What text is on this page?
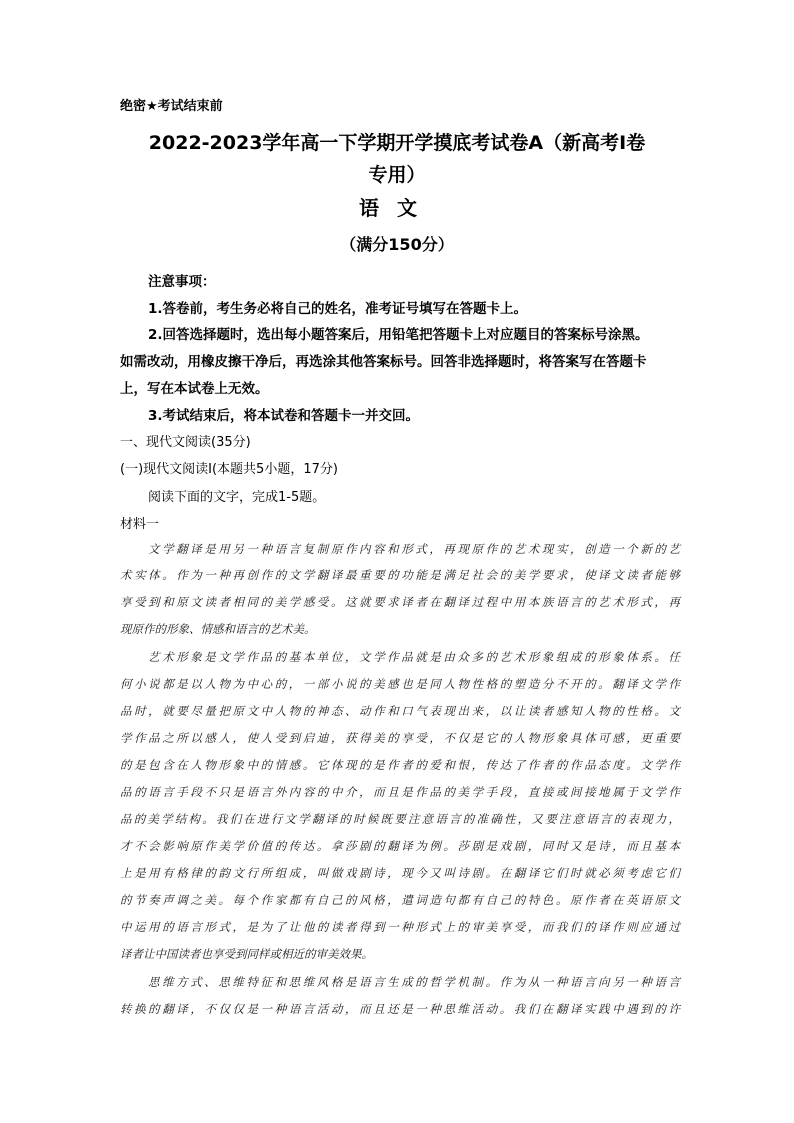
绝密★考试结束前
2022-2023学年高一下学期开学摸底考试卷A（新高考Ⅰ卷
专用）
语文
（满分150分）
注意事项：
1.答卷前，考生务必将自己的姓名，准考证号填写在答题卡上。
2.回答选择题时，选出每小题答案后，用铅笔把答题卡上对应题目的答案标号涂黑。
如需改动，用橡皮擦干净后，再选涂其他答案标号。回答非选择题时，将答案写在答题卡
上，写在本试卷上无效。
3.考试结束后，将本试卷和答题卡一并交回。
一、现代文阅读(35分)
(一)现代文阅读Ⅰ(本题共5小题，17分)
阅读下面的文字，完成1-5题。
材料一
文学翻译是用另一种语言复制原作内容和形式，再现原作的艺术现实，创造一个新的艺
术实体。作为一种再创作的文学翻译最重要的功能是满足社会的美学要求，使译文读者能够
享受到和原文读者相同的美学感受。这就要求译者在翻译过程中用本族语言的艺术形式，再
现原作的形象、情感和语言的艺术美。
艺术形象是文学作品的基本单位，文学作品就是由众多的艺术形象组成的形象体系。任
何小说都是以人物为中心的，一部小说的美感也是同人物性格的塑造分不开的。翻译文学作
品时，就要尽量把原文中人物的神态、动作和口气表现出来，以让读者感知人物的性格。文
学作品之所以感人，使人受到启迪，获得美的享受，不仅是它的人物形象具体可感，更重要
的是包含在人物形象中的情感。它体现的是作者的爱和恨，传达了作者的作品态度。文学作
品的语言手段不只是语言外内容的中介，而且是作品的美学手段，直接或间接地属于文学作
品的美学结构。我们在进行文学翻译的时候既要注意语言的准确性，又要注意语言的表现力，
才不会影响原作美学价值的传达。拿莎剧的翻译为例。莎剧是戏剧，同时又是诗，而且基本
上是用有格律的韵文行所组成，叫做戏剧诗，现今又叫诗剧。在翻译它们时就必须考虑它们
的节奏声调之美。每个作家都有自己的风格，遣词造句都有自己的特色。原作者在英语原文
中运用的语言形式，是为了让他的读者得到一种形式上的审美享受，而我们的译作则应通过
译者让中国读者也享受到同样或相近的审美效果。
思维方式、思维特征和思维风格是语言生成的哲学机制。作为从一种语言向另一种语言
转换的翻译，不仅仅是一种语言活动，而且还是一种思维活动。我们在翻译实践中遇到的许
